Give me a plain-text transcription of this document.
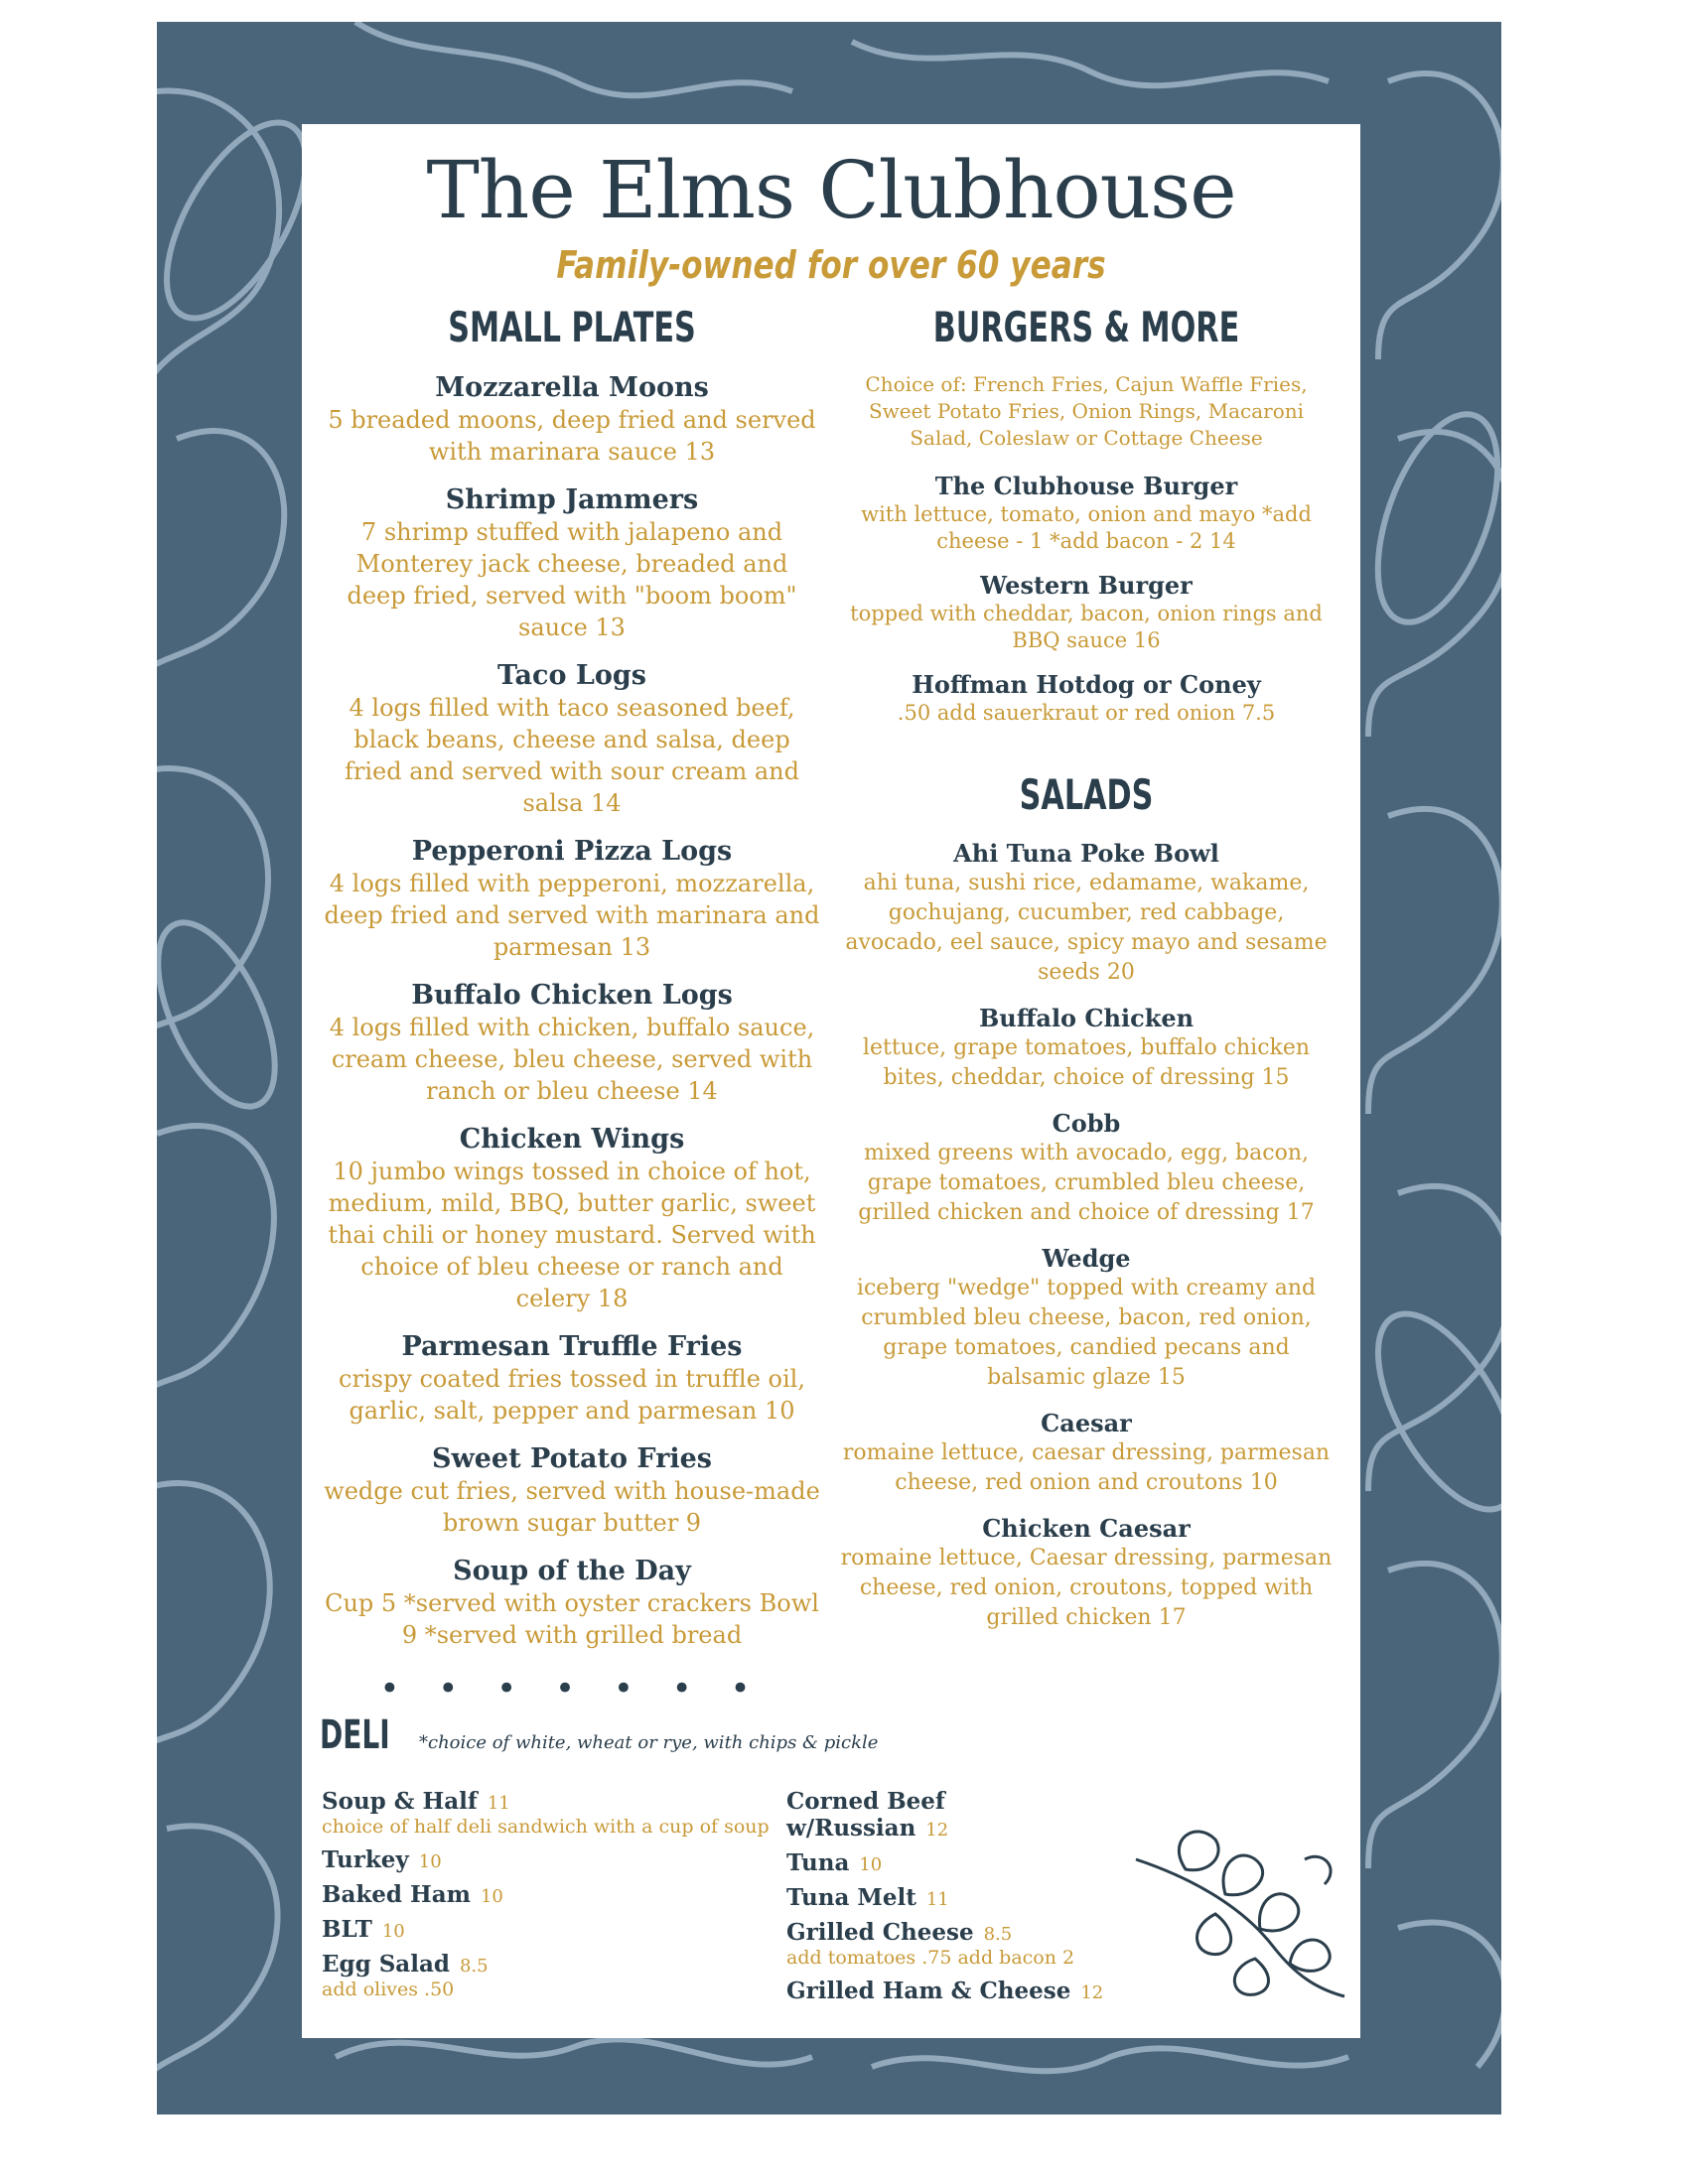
The Elms Clubhouse
Family-owned for over 60 years
SMALL PLATES
Mozzarella Moons
5 breaded moons, deep fried and served with marinara sauce 13
Shrimp Jammers
7 shrimp stuffed with jalapeno and Monterey jack cheese, breaded and deep fried, served with "boom boom" sauce 13
Taco Logs
4 logs filled with taco seasoned beef, black beans, cheese and salsa, deep fried and served with sour cream and salsa 14
Pepperoni Pizza Logs
4 logs filled with pepperoni, mozzarella, deep fried and served with marinara and parmesan 13
Buffalo Chicken Logs
4 logs filled with chicken, buffalo sauce, cream cheese, bleu cheese, served with ranch or bleu cheese 14
Chicken Wings
10 jumbo wings tossed in choice of hot, medium, mild, BBQ, butter garlic, sweet thai chili or honey mustard. Served with choice of bleu cheese or ranch and celery 18
Parmesan Truffle Fries
crispy coated fries tossed in truffle oil, garlic, salt, pepper and parmesan 10
Sweet Potato Fries
wedge cut fries, served with house-made brown sugar butter 9
Soup of the Day
Cup 5 *served with oyster crackers Bowl 9 *served with grilled bread
• • • • • • •
BURGERS & MORE
Choice of: French Fries, Cajun Waffle Fries, Sweet Potato Fries, Onion Rings, Macaroni Salad, Coleslaw or Cottage Cheese
The Clubhouse Burger
with lettuce, tomato, onion and mayo *add cheese - 1 *add bacon - 2 14
Western Burger
topped with cheddar, bacon, onion rings and BBQ sauce 16
Hoffman Hotdog or Coney
.50 add sauerkraut or red onion 7.5
SALADS
Ahi Tuna Poke Bowl
ahi tuna, sushi rice, edamame, wakame, gochujang, cucumber, red cabbage, avocado, eel sauce, spicy mayo and sesame seeds 20
Buffalo Chicken
lettuce, grape tomatoes, buffalo chicken bites, cheddar, choice of dressing 15
Cobb
mixed greens with avocado, egg, bacon, grape tomatoes, crumbled bleu cheese, grilled chicken and choice of dressing 17
Wedge
iceberg "wedge" topped with creamy and crumbled bleu cheese, bacon, red onion, grape tomatoes, candied pecans and balsamic glaze 15
Caesar
romaine lettuce, caesar dressing, parmesan cheese, red onion and croutons 10
Chicken Caesar
romaine lettuce, Caesar dressing, parmesan cheese, red onion, croutons, topped with grilled chicken 17
DELI *choice of white, wheat or rye, with chips & pickle
Soup & Half 11
choice of half deli sandwich with a cup of soup
Turkey 10
Baked Ham 10
BLT 10
Egg Salad 8.5
add olives .50
Corned Beef w/Russian 12
Tuna 10
Tuna Melt 11
Grilled Cheese 8.5
add tomatoes .75 add bacon 2
Grilled Ham & Cheese 12
